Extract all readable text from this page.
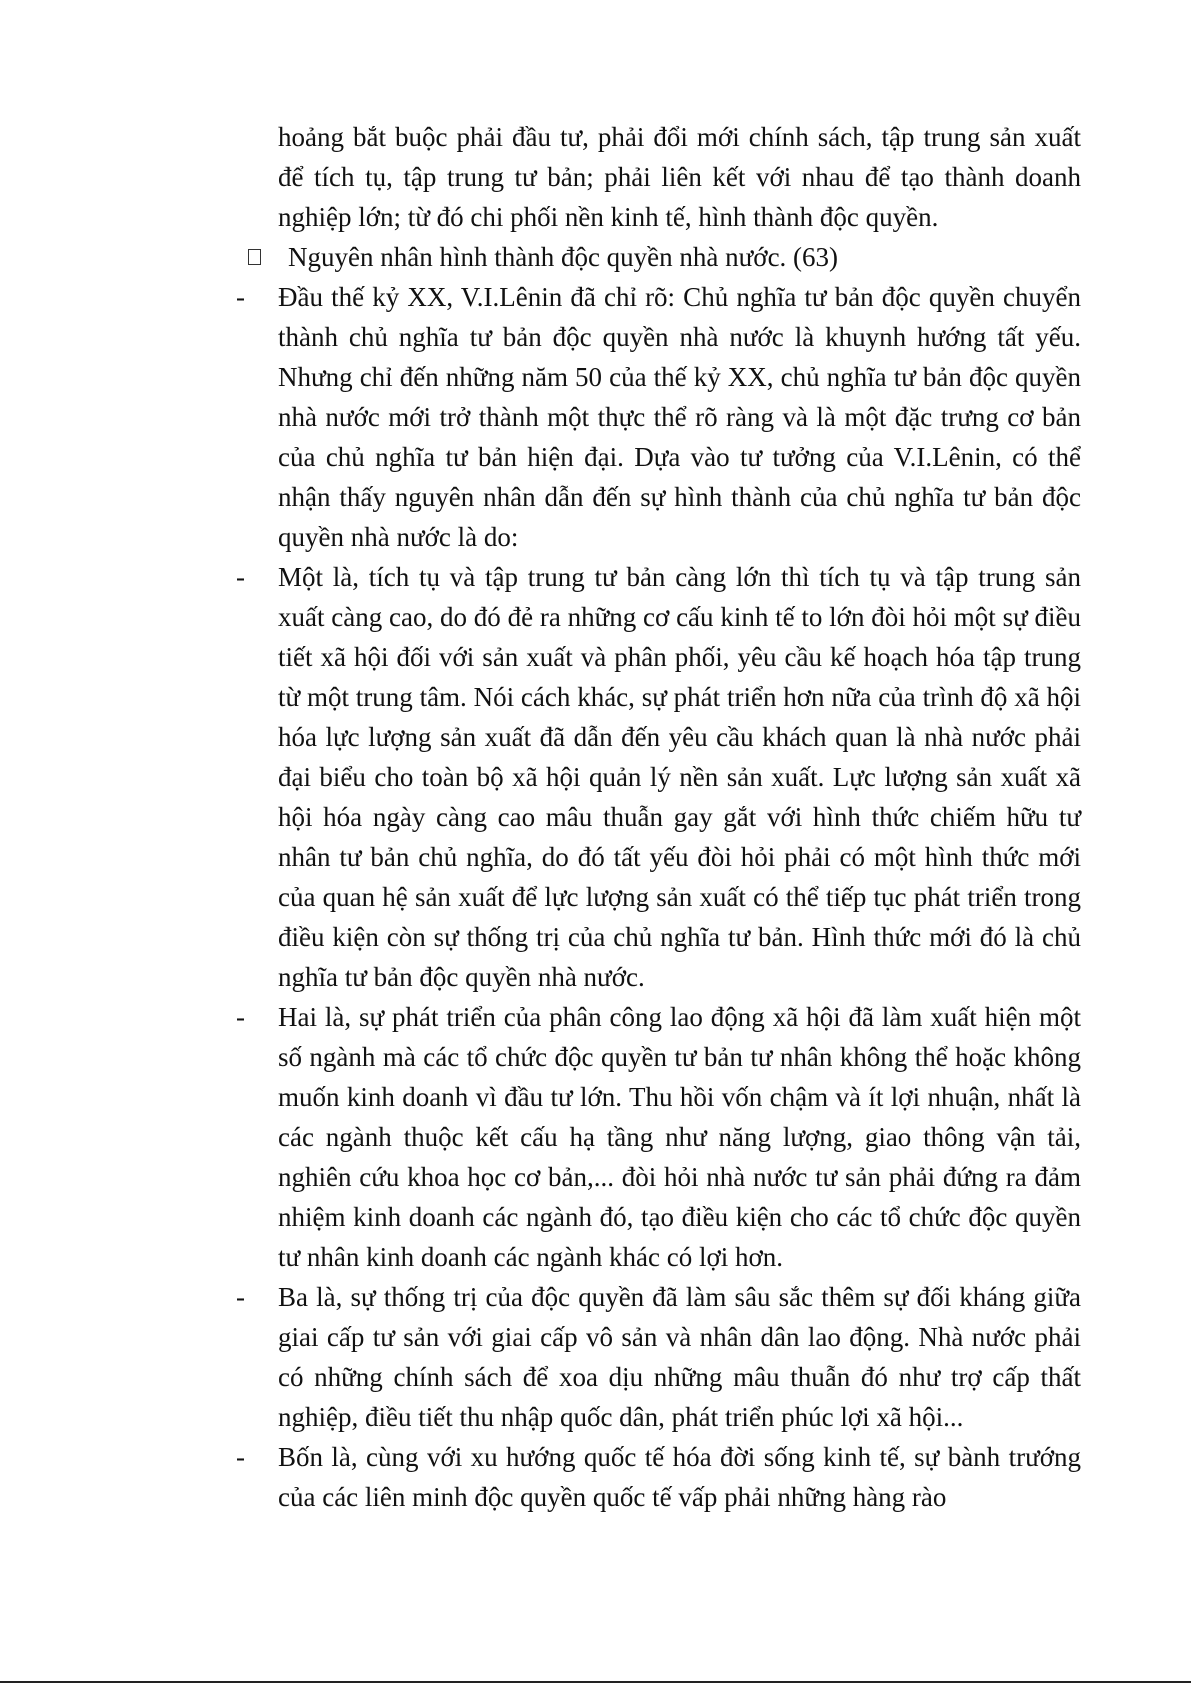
hoảng bắt buộc phải đầu tư, phải đổi mới chính sách, tập trung sản xuất để tích tụ, tập trung tư bản; phải liên kết với nhau để tạo thành doanh nghiệp lớn; từ đó chi phối nền kinh tế, hình thành độc quyền.

Nguyên nhân hình thành độc quyền nhà nước. (63)

-	Đầu thế kỷ XX, V.I.Lênin đã chỉ rõ: Chủ nghĩa tư bản độc quyền chuyển thành chủ nghĩa tư bản độc quyền nhà nước là khuynh hướng tất yếu. Nhưng chỉ đến những năm 50 của thế kỷ XX, chủ nghĩa tư bản độc quyền nhà nước mới trở thành một thực thể rõ ràng và là một đặc trưng cơ bản của chủ nghĩa tư bản hiện đại. Dựa vào tư tưởng của V.I.Lênin, có thể nhận thấy nguyên nhân dẫn đến sự hình thành của chủ nghĩa tư bản độc quyền nhà nước là do:

-	Một là, tích tụ và tập trung tư bản càng lớn thì tích tụ và tập trung sản xuất càng cao, do đó đẻ ra những cơ cấu kinh tế to lớn đòi hỏi một sự điều tiết xã hội đối với sản xuất và phân phối, yêu cầu kế hoạch hóa tập trung từ một trung tâm. Nói cách khác, sự phát triển hơn nữa của trình độ xã hội hóa lực lượng sản xuất đã dẫn đến yêu cầu khách quan là nhà nước phải đại biểu cho toàn bộ xã hội quản lý nền sản xuất. Lực lượng sản xuất xã hội hóa ngày càng cao mâu thuẫn gay gắt với hình thức chiếm hữu tư nhân tư bản chủ nghĩa, do đó tất yếu đòi hỏi phải có một hình thức mới của quan hệ sản xuất để lực lượng sản xuất có thể tiếp tục phát triển trong điều kiện còn sự thống trị của chủ nghĩa tư bản. Hình thức mới đó là chủ nghĩa tư bản độc quyền nhà nước.

-	Hai là, sự phát triển của phân công lao động xã hội đã làm xuất hiện một số ngành mà các tổ chức độc quyền tư bản tư nhân không thể hoặc không muốn kinh doanh vì đầu tư lớn. Thu hồi vốn chậm và ít lợi nhuận, nhất là các ngành thuộc kết cấu hạ tầng như năng lượng, giao thông vận tải, nghiên cứu khoa học cơ bản,... đòi hỏi nhà nước tư sản phải đứng ra đảm nhiệm kinh doanh các ngành đó, tạo điều kiện cho các tổ chức độc quyền tư nhân kinh doanh các ngành khác có lợi hơn.

-	Ba là, sự thống trị của độc quyền đã làm sâu sắc thêm sự đối kháng giữa giai cấp tư sản với giai cấp vô sản và nhân dân lao động. Nhà nước phải có những chính sách để xoa dịu những mâu thuẫn đó như trợ cấp thất nghiệp, điều tiết thu nhập quốc dân, phát triển phúc lợi xã hội...

-	Bốn là, cùng với xu hướng quốc tế hóa đời sống kinh tế, sự bành trướng của các liên minh độc quyền quốc tế vấp phải những hàng rào
